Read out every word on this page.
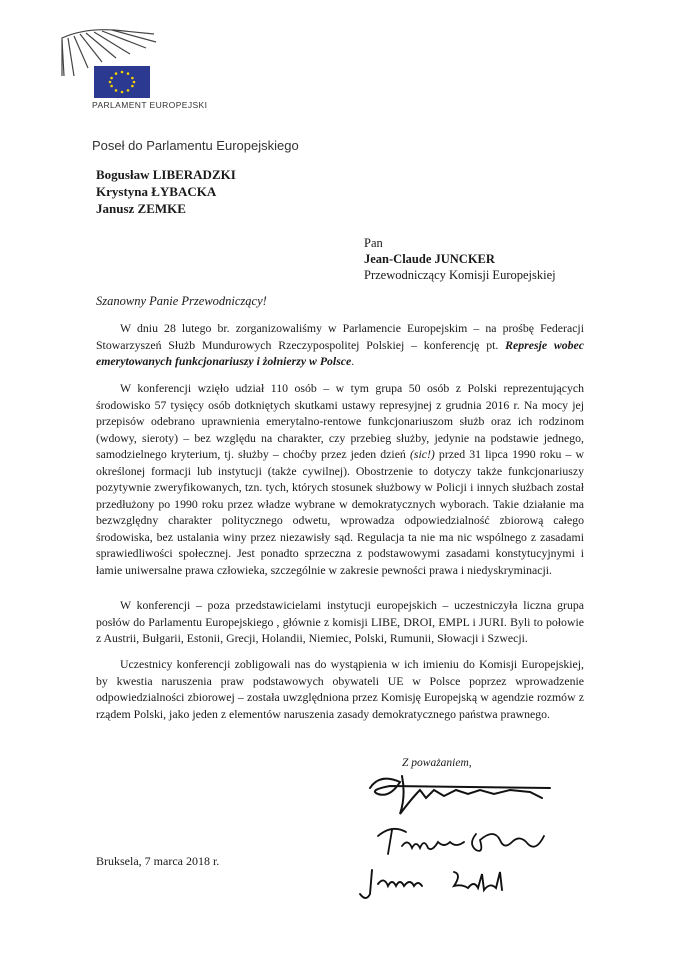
PARLAMENT EUROPEJSKI
Poseł do Parlamentu Europejskiego
Bogusław LIBERADZKI
Krystyna ŁYBACKA
Janusz ZEMKE
Pan
Jean-Claude JUNCKER
Przewodniczący Komisji Europejskiej
Szanowny Panie Przewodniczący!

W dniu 28 lutego br. zorganizowaliśmy w Parlamencie Europejskim – na prośbę Federacji Stowarzyszeń Służb Mundurowych Rzeczypospolitej Polskiej – konferencję pt. Represje wobec emerytowanych funkcjonariuszy i żołnierzy w Polsce.

W konferencji wzięło udział 110 osób – w tym grupa 50 osób z Polski reprezentujących środowisko 57 tysięcy osób dotkniętych skutkami ustawy represyjnej z grudnia 2016 r. Na mocy jej przepisów odebrano uprawnienia emerytalno-rentowe funkcjonariuszom służb oraz ich rodzinom (wdowy, sieroty) – bez względu na charakter, czy przebieg służby, jedynie na podstawie jednego, samodzielnego kryterium, tj. służby – choćby przez jeden dzień (sic!) przed 31 lipca 1990 roku – w określonej formacji lub instytucji (także cywilnej). Obostrzenie to dotyczy także funkcjonariuszy pozytywnie zweryfikowanych, tzn. tych, których stosunek służbowy w Policji i innych służbach został przedłużony po 1990 roku przez władze wybrane w demokratycznych wyborach. Takie działanie ma bezwzględny charakter politycznego odwetu, wprowadza odpowiedzialność zbiorową całego środowiska, bez ustalania winy przez niezawisły sąd. Regulacja ta nie ma nic wspólnego z zasadami sprawiedliwości społecznej. Jest ponadto sprzeczna z podstawowymi zasadami konstytucyjnymi i łamie uniwersalne prawa człowieka, szczególnie w zakresie pewności prawa i niedyskryminacji.

W konferencji – poza przedstawicielami instytucji europejskich – uczestniczyła liczna grupa posłów do Parlamentu Europejskiego , głównie z komisji LIBE, DROI, EMPL i JURI. Byli to połowie z Austrii, Bułgarii, Estonii, Grecji, Holandii, Niemiec, Polski, Rumunii, Słowacji i Szwecji.

Uczestnicy konferencji zobligowali nas do wystąpienia w ich imieniu do Komisji Europejskiej, by kwestia naruszenia praw podstawowych obywateli UE w Polsce poprzez wprowadzenie odpowiedzialności zbiorowej – została uwzględniona przez Komisję Europejską w agendzie rozmów z rządem Polski, jako jeden z elementów naruszenia zasady demokratycznego państwa prawnego.

Z poważaniem,
Bruksela, 7 marca 2018 r.
